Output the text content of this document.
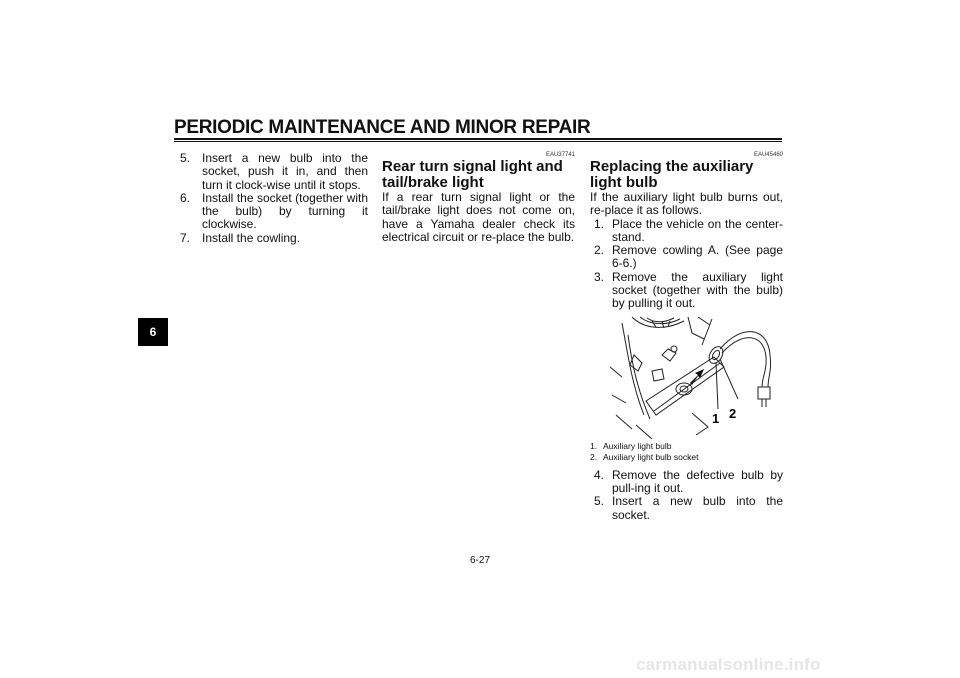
PERIODIC MAINTENANCE AND MINOR REPAIR
6
5. Insert a new bulb into the socket, push it in, and then turn it clock-wise until it stops.
6. Install the socket (together with the bulb) by turning it clockwise.
7. Install the cowling.
EAU37741
Rear turn signal light and tail/brake light

If a rear turn signal light or the tail/brake light does not come on, have a Yamaha dealer check its electrical circuit or re-place the bulb.

EAU45460
Replacing the auxiliary light bulb

If the auxiliary light bulb burns out, re-place it as follows.

1. Place the vehicle on the center-stand.
2. Remove cowling A. (See page 6-6.)
3. Remove the auxiliary light socket (together with the bulb) by pulling it out.
1 2
1. Auxiliary light bulb
2. Auxiliary light bulb socket
4. Remove the defective bulb by pull-ing it out.
5. Insert a new bulb into the socket.
6-27
carmanualsonline.info
